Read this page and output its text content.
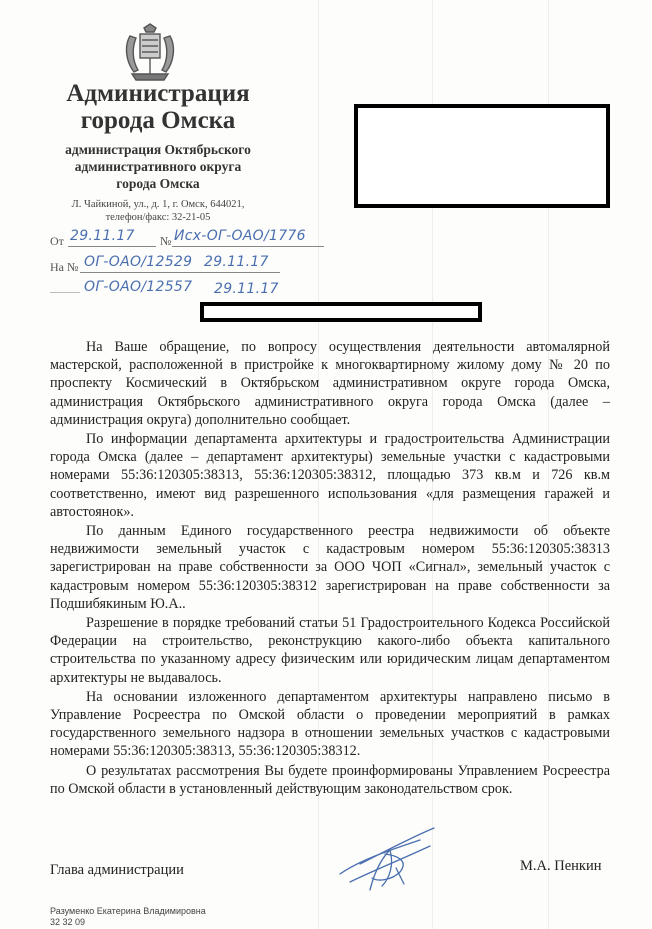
Администрация
города Омска
администрация Октябрьского
административного округа
города Омска
Л. Чайкиной, ул., д. 1, г. Омск, 644021,
телефон/факс: 32-21-05
От 29.11.17 № Исх-ОГ-ОАО/1776
На № ОГ-ОАО/12529 29.11.17
ОГ-ОАО/12557 29.11.17

На Ваше обращение, по вопросу осуществления деятельности автомалярной мастерской, расположенной в пристройке к многоквартирному жилому дому № 20 по проспекту Космический в Октябрьском административном округе города Омска, администрация Октябрьского административного округа города Омска (далее – администрация округа) дополнительно сообщает.

По информации департамента архитектуры и градостроительства Администрации города Омска (далее – департамент архитектуры) земельные участки с кадастровыми номерами 55:36:120305:38313, 55:36:120305:38312, площадью 373 кв.м и 726 кв.м соответственно, имеют вид разрешенного использования «для размещения гаражей и автостоянок».

По данным Единого государственного реестра недвижимости об объекте недвижимости земельный участок с кадастровым номером 55:36:120305:38313 зарегистрирован на праве собственности за ООО ЧОП «Сигнал», земельный участок с кадастровым номером 55:36:120305:38312 зарегистрирован на праве собственности за Подшибякиным Ю.А..

Разрешение в порядке требований статьи 51 Градостроительного Кодекса Российской Федерации на строительство, реконструкцию какого-либо объекта капитального строительства по указанному адресу физическим или юридическим лицам департаментом архитектуры не выдавалось.

На основании изложенного департаментом архитектуры направлено письмо в Управление Росреестра по Омской области о проведении мероприятий в рамках государственного земельного надзора в отношении земельных участков с кадастровыми номерами 55:36:120305:38313, 55:36:120305:38312.

О результатах рассмотрения Вы будете проинформированы Управлением Росреестра по Омской области в установленный действующим законодательством срок.

Глава администрации	М.А. Пенкин
Разуменко Екатерина Владимировна
32 32 09
